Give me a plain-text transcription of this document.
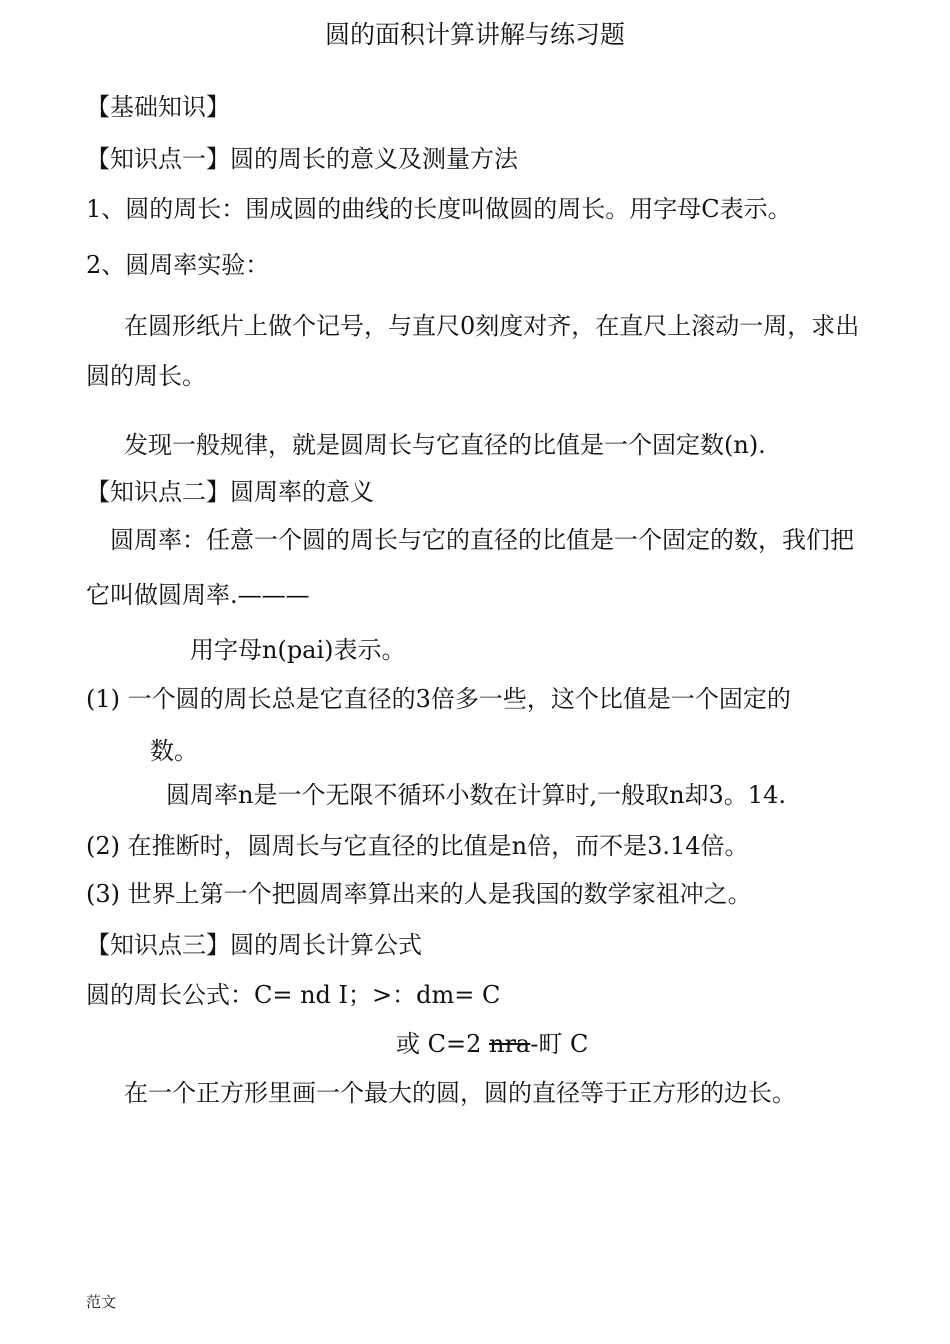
圆的面积计算讲解与练习题
【基础知识】
【知识点一】圆的周长的意义及测量方法
1、圆的周长：围成圆的曲线的长度叫做圆的周长。用字母C表示。
2、圆周率实验：
在圆形纸片上做个记号，与直尺0刻度对齐，在直尺上滚动一周，求出
圆的周长。
发现一般规律，就是圆周长与它直径的比值是一个固定数(n).
【知识点二】圆周率的意义
圆周率：任意一个圆的周长与它的直径的比值是一个固定的数，我们把
它叫做圆周率.———
用字母n(pai)表示。
(1) 一个圆的周长总是它直径的3倍多一些，这个比值是一个固定的
数。
圆周率n是一个无限不循环小数在计算时,一般取n却3。14.
(2) 在推断时，圆周长与它直径的比值是n倍，而不是3.14倍。
(3) 世界上第一个把圆周率算出来的人是我国的数学家祖冲之。
【知识点三】圆的周长计算公式
圆的周长公式：C= nd I；>：dm= C
或 C=2 nra-町 C
在一个正方形里画一个最大的圆，圆的直径等于正方形的边长。
范文
